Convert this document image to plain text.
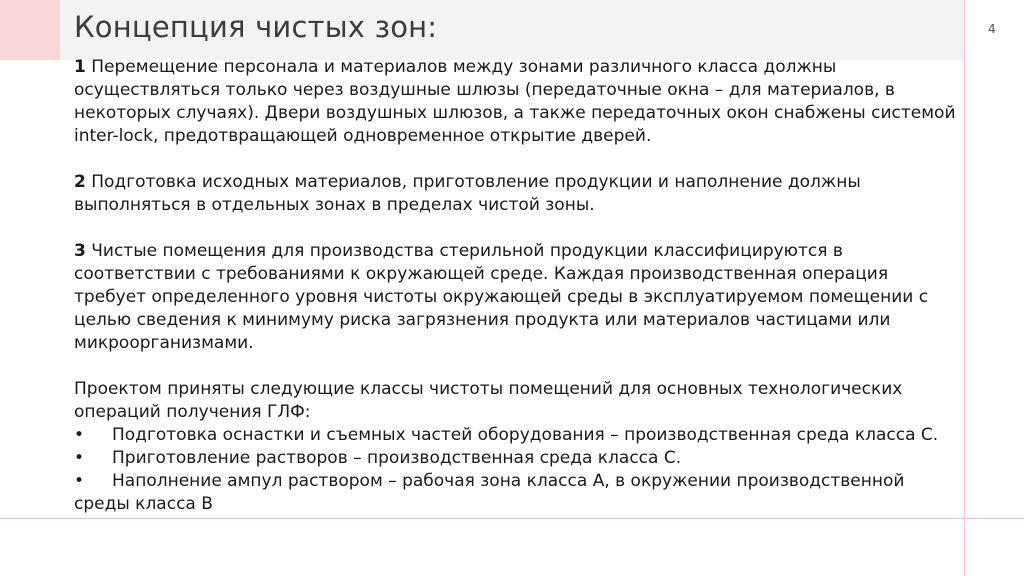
Концепция чистых зон:	4

1 Перемещение персонала и материалов между зонами различного класса должны осуществляться только через воздушные шлюзы (передаточные окна – для материалов, в некоторых случаях). Двери воздушных шлюзов, а также передаточных окон снабжены системой inter-lock, предотвращающей одновременное открытие дверей.

2 Подготовка исходных материалов, приготовление продукции и наполнение должны выполняться в отдельных зонах в пределах чистой зоны.

3 Чистые помещения для производства стерильной продукции классифицируются в соответствии с требованиями к окружающей среде. Каждая производственная операция требует определенного уровня чистоты окружающей среды в эксплуатируемом помещении с целью сведения к минимуму риска загрязнения продукта или материалов частицами или микроорганизмами.

Проектом приняты следующие классы чистоты помещений для основных технологических операций получения ГЛФ:

• Подготовка оснастки и съемных частей оборудования – производственная среда класса С.

• Приготовление растворов – производственная среда класса С.

• Наполнение ампул раствором – рабочая зона класса А, в окружении производственной среды класса В
